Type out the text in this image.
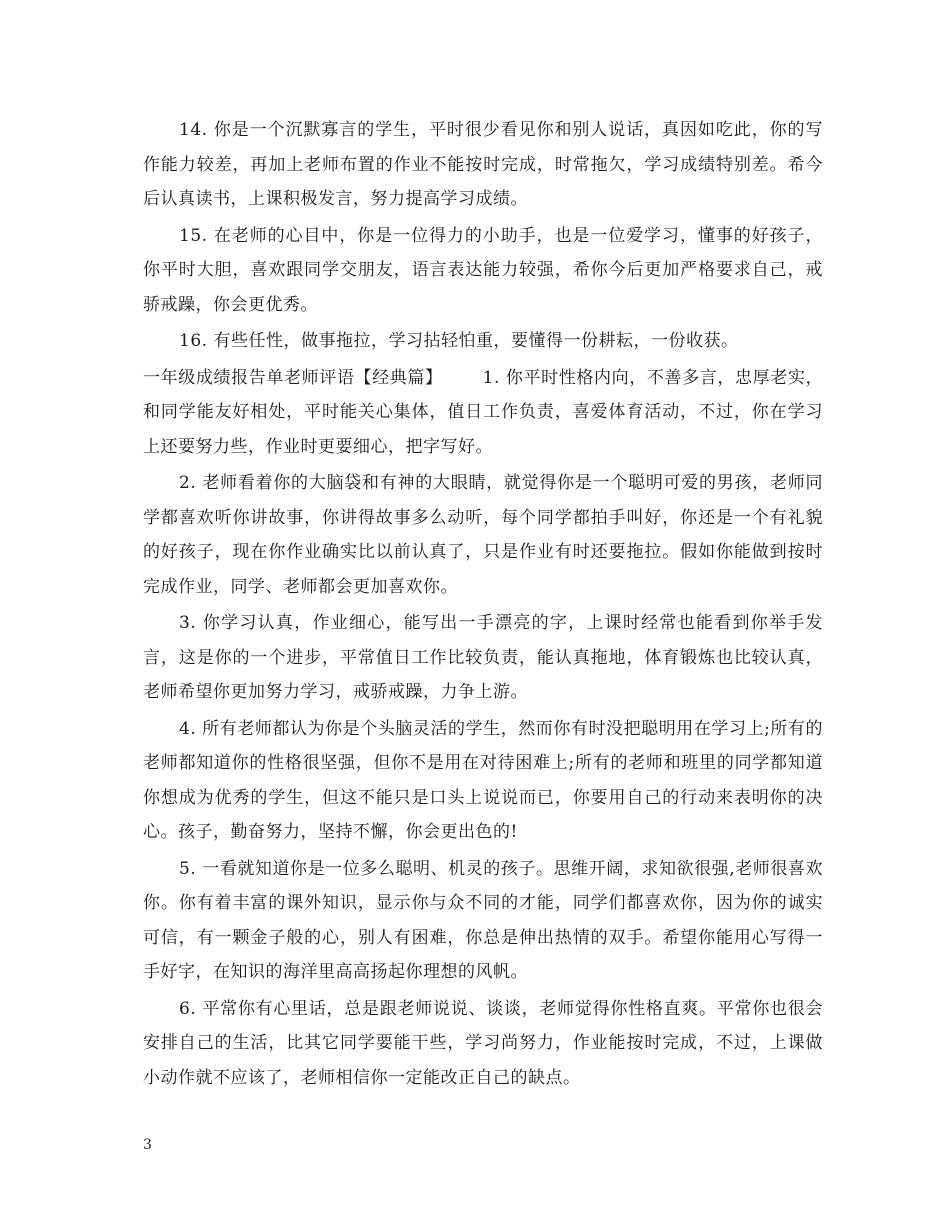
14. 你是一个沉默寡言的学生，平时很少看见你和别人说话，真因如吃此，你的写作能力较差，再加上老师布置的作业不能按时完成，时常拖欠，学习成绩特别差。希今后认真读书，上课积极发言，努力提高学习成绩。

15. 在老师的心目中，你是一位得力的小助手，也是一位爱学习，懂事的好孩子，你平时大胆，喜欢跟同学交朋友，语言表达能力较强，希你今后更加严格要求自己，戒骄戒躁，你会更优秀。

16. 有些任性，做事拖拉，学习拈轻怕重，要懂得一份耕耘，一份收获。

一年级成绩报告单老师评语【经典篇】 1. 你平时性格内向，不善多言，忠厚老实，和同学能友好相处，平时能关心集体，值日工作负责，喜爱体育活动，不过，你在学习上还要努力些，作业时更要细心，把字写好。

2. 老师看着你的大脑袋和有神的大眼睛，就觉得你是一个聪明可爱的男孩，老师同学都喜欢听你讲故事，你讲得故事多么动听，每个同学都拍手叫好，你还是一个有礼貌的好孩子，现在你作业确实比以前认真了，只是作业有时还要拖拉。假如你能做到按时完成作业，同学、老师都会更加喜欢你。

3. 你学习认真，作业细心，能写出一手漂亮的字，上课时经常也能看到你举手发言，这是你的一个进步，平常值日工作比较负责，能认真拖地，体育锻炼也比较认真，老师希望你更加努力学习，戒骄戒躁，力争上游。

4. 所有老师都认为你是个头脑灵活的学生，然而你有时没把聪明用在学习上;所有的老师都知道你的性格很坚强，但你不是用在对待困难上;所有的老师和班里的同学都知道你想成为优秀的学生，但这不能只是口头上说说而已，你要用自己的行动来表明你的决心。孩子，勤奋努力，坚持不懈，你会更出色的!

5. 一看就知道你是一位多么聪明、机灵的孩子。思维开阔，求知欲很强,老师很喜欢你。你有着丰富的课外知识，显示你与众不同的才能，同学们都喜欢你，因为你的诚实可信，有一颗金子般的心，别人有困难，你总是伸出热情的双手。希望你能用心写得一手好字，在知识的海洋里高高扬起你理想的风帆。

6. 平常你有心里话，总是跟老师说说、谈谈，老师觉得你性格直爽。平常你也很会安排自己的生活，比其它同学要能干些，学习尚努力，作业能按时完成，不过，上课做小动作就不应该了，老师相信你一定能改正自己的缺点。

3
